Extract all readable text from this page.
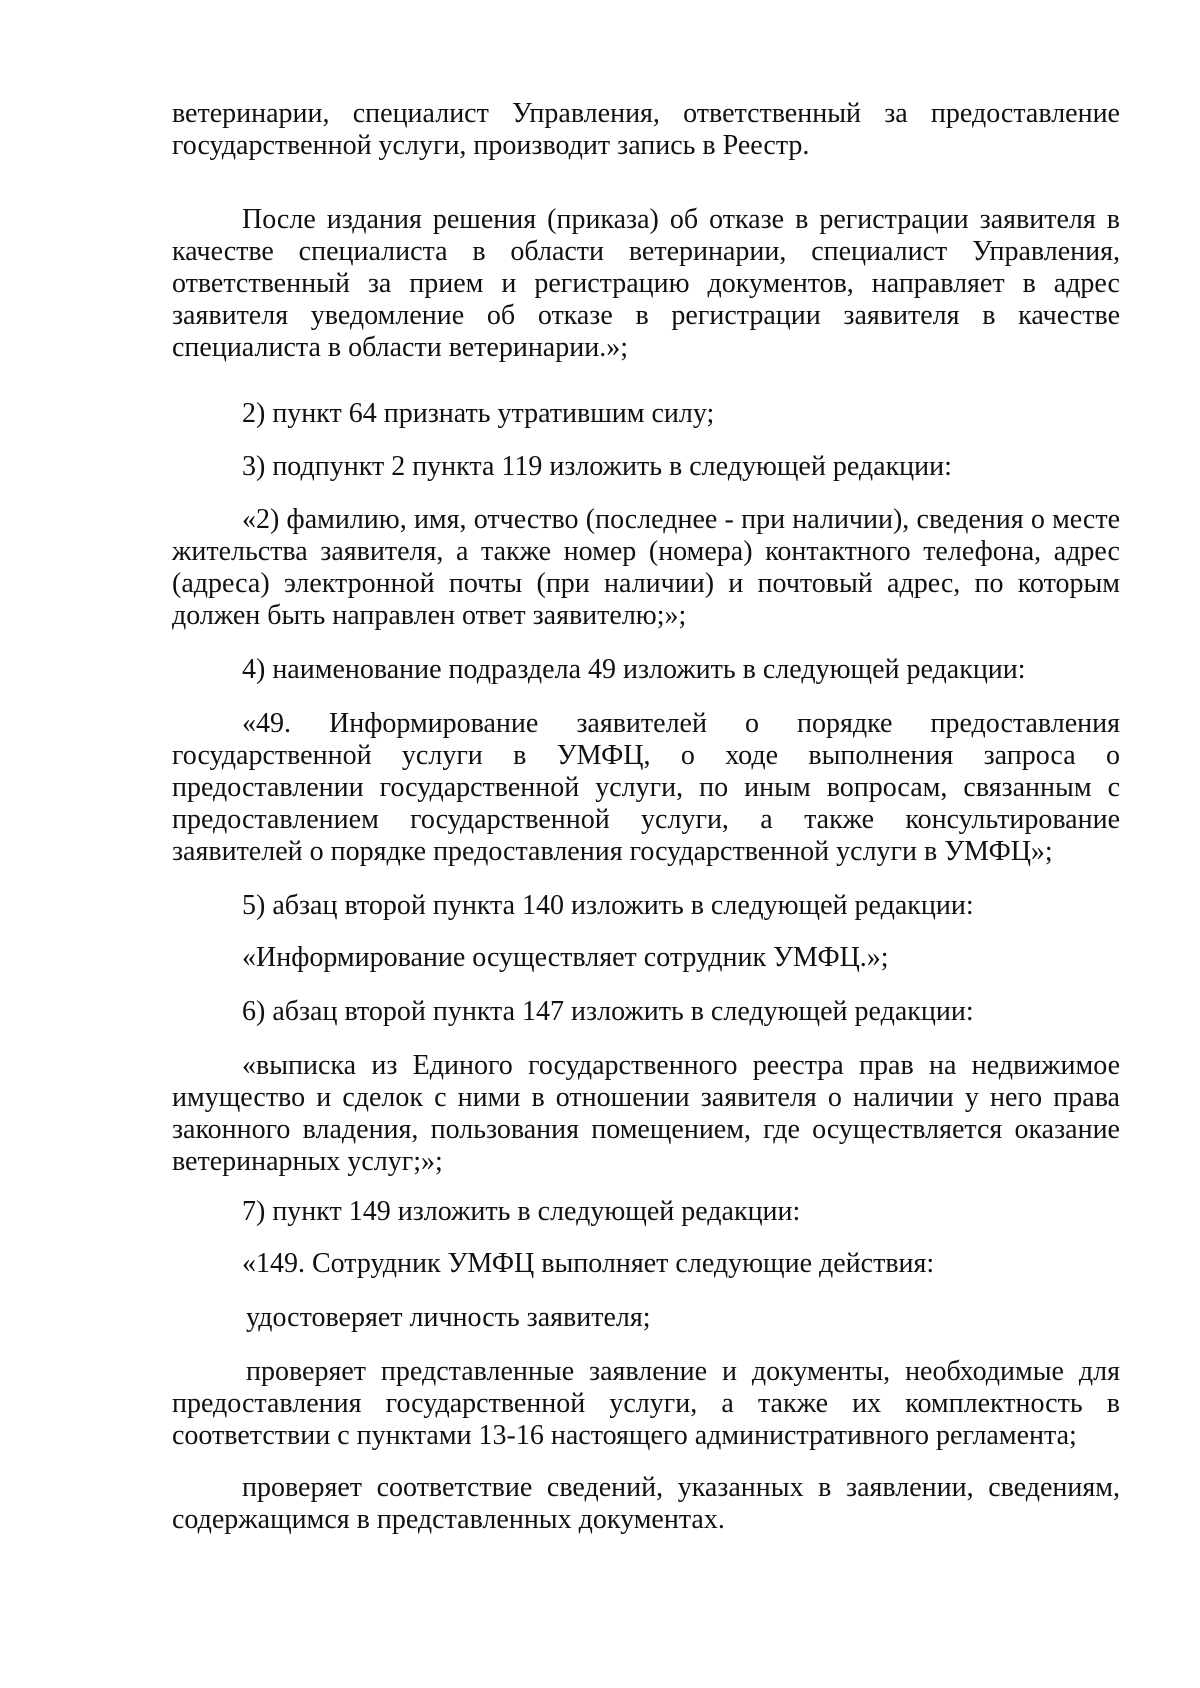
ветеринарии, специалист Управления, ответственный за предоставление государственной услуги, производит запись в Реестр.

После издания решения (приказа) об отказе в регистрации заявителя в качестве специалиста в области ветеринарии, специалист Управления, ответственный за прием и регистрацию документов, направляет в адрес заявителя уведомление об отказе в регистрации заявителя в качестве специалиста в области ветеринарии.»;

2) пункт 64 признать утратившим силу;

3) подпункт 2 пункта 119 изложить в следующей редакции:

«2) фамилию, имя, отчество (последнее - при наличии), сведения о месте жительства заявителя, а также номер (номера) контактного телефона, адрес (адреса) электронной почты (при наличии) и почтовый адрес, по которым должен быть направлен ответ заявителю;»;

4) наименование подраздела 49 изложить в следующей редакции:

«49. Информирование заявителей о порядке предоставления государственной услуги в УМФЦ, о ходе выполнения запроса о предоставлении государственной услуги, по иным вопросам, связанным с предоставлением государственной услуги, а также консультирование заявителей о порядке предоставления государственной услуги в УМФЦ»;

5) абзац второй пункта 140 изложить в следующей редакции:

«Информирование осуществляет сотрудник УМФЦ.»;

6) абзац второй пункта 147 изложить в следующей редакции:

«выписка из Единого государственного реестра прав на недвижимое имущество и сделок с ними в отношении заявителя о наличии у него права законного владения, пользования помещением, где осуществляется оказание ветеринарных услуг;»;

7) пункт 149 изложить в следующей редакции:

«149. Сотрудник УМФЦ выполняет следующие действия:

удостоверяет личность заявителя;

проверяет представленные заявление и документы, необходимые для предоставления государственной услуги, а также их комплектность в соответствии с пунктами 13-16 настоящего административного регламента;

проверяет соответствие сведений, указанных в заявлении, сведениям, содержащимся в представленных документах.
